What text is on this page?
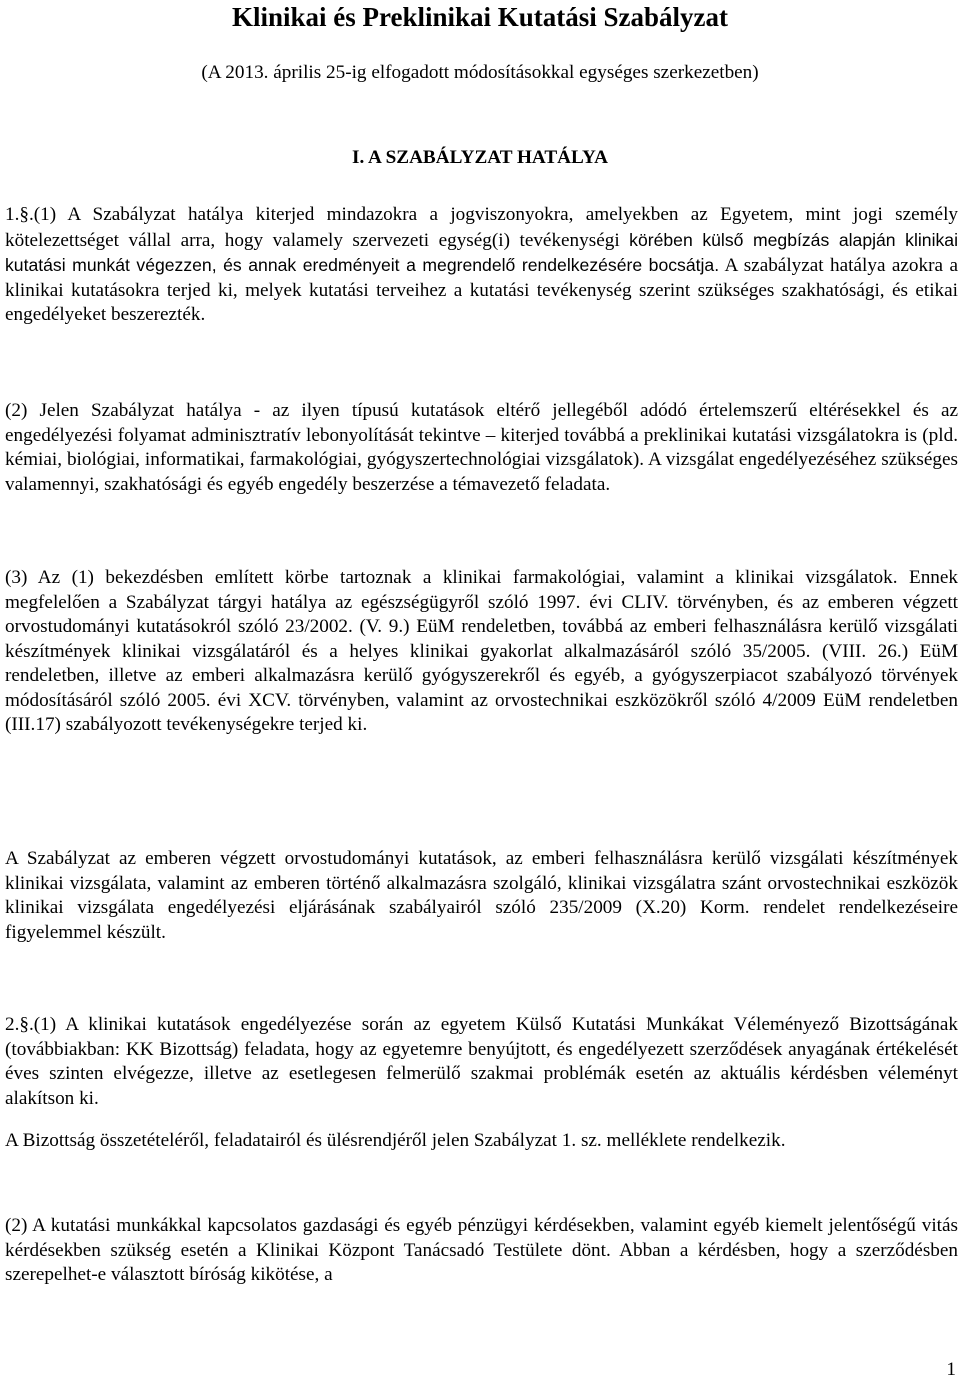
Klinikai és Preklinikai Kutatási Szabályzat

(A 2013. április 25-ig elfogadott módosításokkal egységes szerkezetben)

I. A SZABÁLYZAT HATÁLYA

1.§.(1) A Szabályzat hatálya kiterjed mindazokra a jogviszonyokra, amelyekben az Egyetem, mint jogi személy kötelezettséget vállal arra, hogy valamely szervezeti egység(i) tevékenységi körében külső megbízás alapján klinikai kutatási munkát végezzen, és annak eredményeit a megrendelő rendelkezésére bocsátja. A szabályzat hatálya azokra a klinikai kutatásokra terjed ki, melyek kutatási terveihez a kutatási tevékenység szerint szükséges szakhatósági, és etikai engedélyeket beszerezték.

(2) Jelen Szabályzat hatálya - az ilyen típusú kutatások eltérő jellegéből adódó értelemszerű eltérésekkel és az engedélyezési folyamat adminisztratív lebonyolítását tekintve – kiterjed továbbá a preklinikai kutatási vizsgálatokra is (pld. kémiai, biológiai, informatikai, farmakológiai, gyógyszertechnológiai vizsgálatok). A vizsgálat engedélyezéséhez szükséges valamennyi, szakhatósági és egyéb engedély beszerzése a témavezető feladata.

(3) Az (1) bekezdésben említett körbe tartoznak a klinikai farmakológiai, valamint a klinikai vizsgálatok. Ennek megfelelően a Szabályzat tárgyi hatálya az egészségügyről szóló 1997. évi CLIV. törvényben, és az emberen végzett orvostudományi kutatásokról szóló 23/2002. (V. 9.) EüM rendeletben, továbbá az emberi felhasználásra kerülő vizsgálati készítmények klinikai vizsgálatáról és a helyes klinikai gyakorlat alkalmazásáról szóló 35/2005. (VIII. 26.) EüM rendeletben, illetve az emberi alkalmazásra kerülő gyógyszerekről és egyéb, a gyógyszerpiacot szabályozó törvények módosításáról szóló 2005. évi XCV. törvényben, valamint az orvostechnikai eszközökről szóló 4/2009 EüM rendeletben (III.17) szabályozott tevékenységekre terjed ki.

A Szabályzat az emberen végzett orvostudományi kutatások, az emberi felhasználásra kerülő vizsgálati készítmények klinikai vizsgálata, valamint az emberen történő alkalmazásra szolgáló, klinikai vizsgálatra szánt orvostechnikai eszközök klinikai vizsgálata engedélyezési eljárásának szabályairól szóló 235/2009 (X.20) Korm. rendelet rendelkezéseire figyelemmel készült.

2.§.(1) A klinikai kutatások engedélyezése során az egyetem Külső Kutatási Munkákat Véleményező Bizottságának (továbbiakban: KK Bizottság) feladata, hogy az egyetemre benyújtott, és engedélyezett szerződések anyagának értékelését éves szinten elvégezze, illetve az esetlegesen felmerülő szakmai problémák esetén az aktuális kérdésben véleményt alakítson ki.

A Bizottság összetételéről, feladatairól és ülésrendjéről jelen Szabályzat 1. sz. melléklete rendelkezik.

(2) A kutatási munkákkal kapcsolatos gazdasági és egyéb pénzügyi kérdésekben, valamint egyéb kiemelt jelentőségű vitás kérdésekben szükség esetén a Klinikai Központ Tanácsadó Testülete dönt. Abban a kérdésben, hogy a szerződésben szerepelhet-e választott bíróság kikötése, a

1
